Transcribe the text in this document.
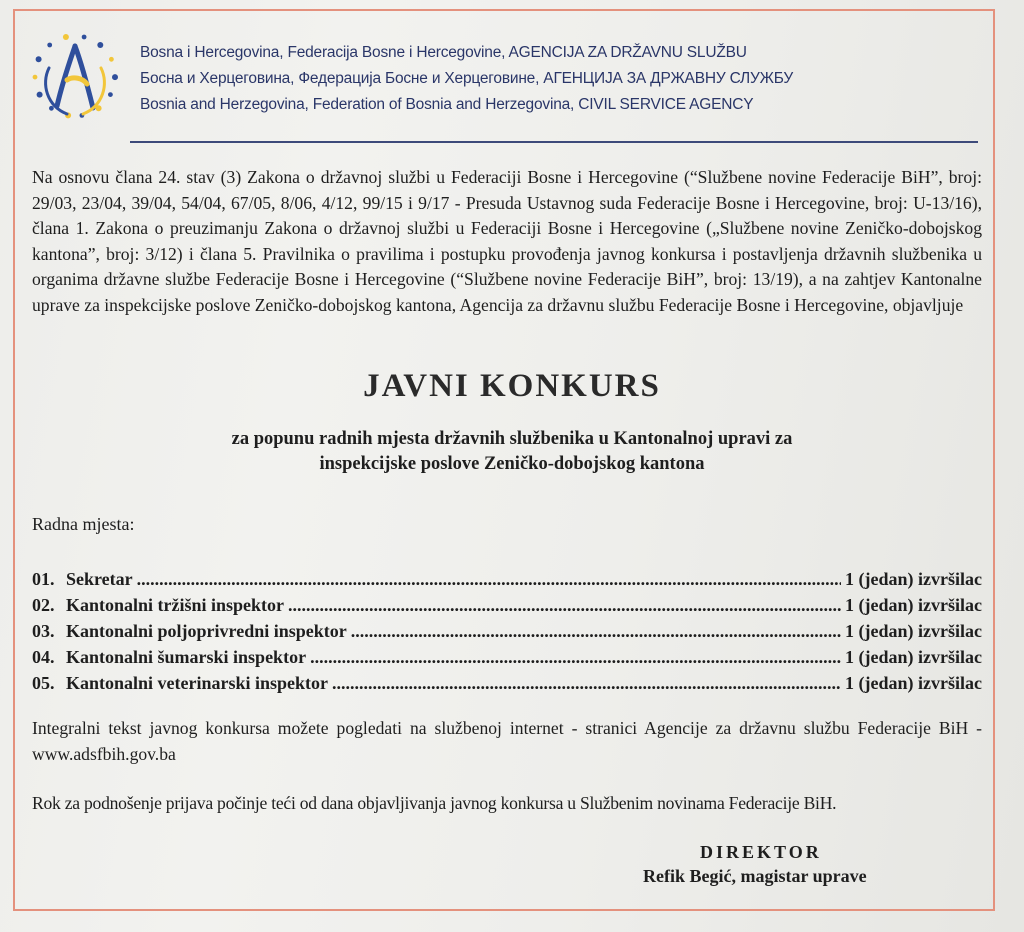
Bosna i Hercegovina, Federacija Bosne i Hercegovine, AGENCIJA ZA DRŽAVNU SLUŽBU
Босна и Херцеговина, Федерација Босне и Херцеговине, АГЕНЦИЈА ЗА ДРЖАВНУ СЛУЖБУ
Bosnia and Herzegovina, Federation of Bosnia and Herzegovina, CIVIL SERVICE AGENCY

Na osnovu člana 24. stav (3) Zakona o državnoj službi u Federaciji Bosne i Hercegovine (“Službene novine Federacije BiH”, broj: 29/03, 23/04, 39/04, 54/04, 67/05, 8/06, 4/12, 99/15 i 9/17 - Presuda Ustavnog suda Federacije Bosne i Hercegovine, broj: U-13/16), člana 1. Zakona o preuzimanju Zakona o državnoj službi u Federaciji Bosne i Hercegovine („Službene novine Zeničko-dobojskog kantona”, broj: 3/12) i člana 5. Pravilnika o pravilima i postupku provođenja javnog konkursa i postavljenja državnih službenika u organima državne službe Federacije Bosne i Hercegovine (“Službene novine Federacije BiH”, broj: 13/19), a na zahtjev Kantonalne uprave za inspekcijske poslove Zeničko-dobojskog kantona, Agencija za državnu službu Federacije Bosne i Hercegovine, objavljuje

JAVNI KONKURS
za popunu radnih mjesta državnih službenika u Kantonalnoj upravi za
inspekcijske poslove Zeničko-dobojskog kantona
Radna mjesta:
01. Sekretar .....	1 (jedan) izvršilac
02. Kantonalni tržišni inspektor .....	1 (jedan) izvršilac
03. Kantonalni poljoprivredni inspektor .....	1 (jedan) izvršilac
04. Kantonalni šumarski inspektor .....	1 (jedan) izvršilac
05. Kantonalni veterinarski inspektor .....	1 (jedan) izvršilac

Integralni tekst javnog konkursa možete pogledati na službenoj internet - stranici Agencije za državnu službu Federacije BiH - www.adsfbih.gov.ba

Rok za podnošenje prijava počinje teći od dana objavljivanja javnog konkursa u Službenim novinama Federacije BiH.

DIREKTOR
Refik Begić, magistar uprave
